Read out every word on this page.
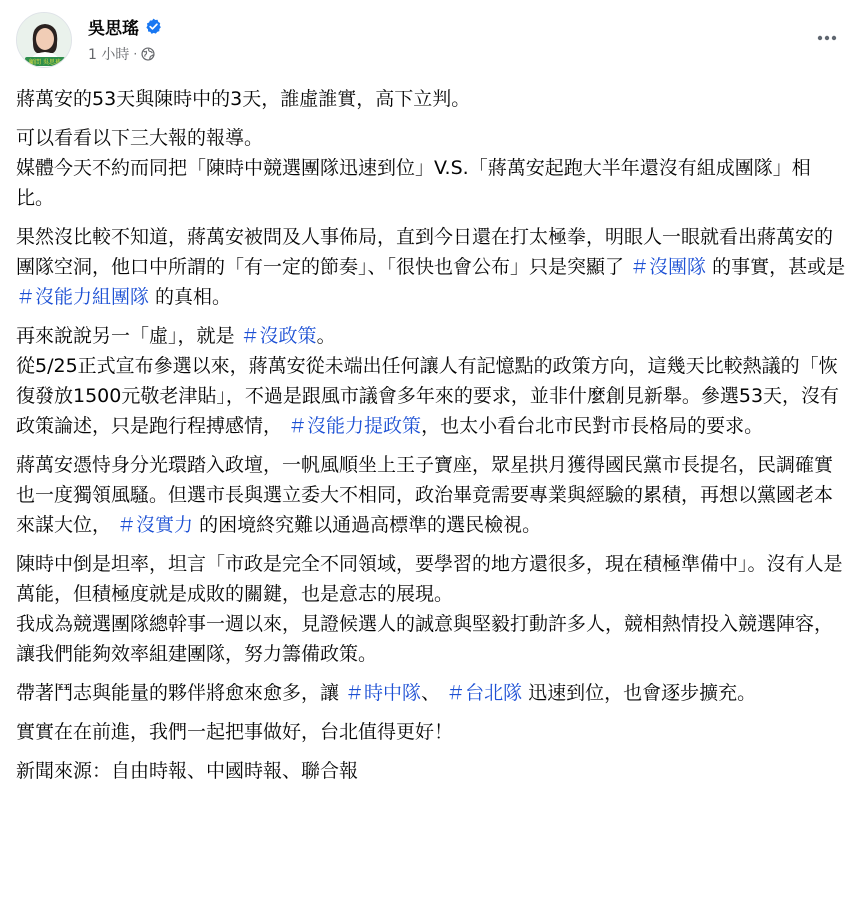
顧問 吳思瑤
吳思瑤
1 小時 ·

蔣萬安的53天與陳時中的3天，誰虛誰實，高下立判。

可以看看以下三大報的報導。

媒體今天不約而同把「陳時中競選團隊迅速到位」V.S.「蔣萬安起跑大半年還沒有組成團隊」相比。

果然沒比較不知道，蔣萬安被問及人事佈局，直到今日還在打太極拳，明眼人一眼就看出蔣萬安的團隊空洞，他口中所謂的「有一定的節奏」、「很快也會公布」只是突顯了 ＃沒團隊 的事實，甚或是 ＃沒能力組團隊 的真相。

再來說說另一「虛」，就是 ＃沒政策。

從5/25正式宣布參選以來，蔣萬安從未端出任何讓人有記憶點的政策方向，這幾天比較熱議的「恢復發放1500元敬老津貼」，不過是跟風市議會多年來的要求，並非什麼創見新舉。參選53天，沒有政策論述，只是跑行程搏感情， ＃沒能力提政策，也太小看台北市民對市長格局的要求。

蔣萬安憑恃身分光環踏入政壇，一帆風順坐上王子寶座，眾星拱月獲得國民黨市長提名，民調確實也一度獨領風騷。但選市長與選立委大不相同，政治畢竟需要專業與經驗的累積，再想以黨國老本來謀大位， ＃沒實力 的困境終究難以通過高標準的選民檢視。

陳時中倒是坦率，坦言「市政是完全不同領域，要學習的地方還很多，現在積極準備中」。沒有人是萬能，但積極度就是成敗的關鍵，也是意志的展現。

我成為競選團隊總幹事一週以來，見證候選人的誠意與堅毅打動許多人，競相熱情投入競選陣容，讓我們能夠效率組建團隊，努力籌備政策。

帶著鬥志與能量的夥伴將愈來愈多，讓 ＃時中隊、 ＃台北隊 迅速到位，也會逐步擴充。

實實在在前進，我們一起把事做好，台北值得更好！

新聞來源：自由時報、中國時報、聯合報
